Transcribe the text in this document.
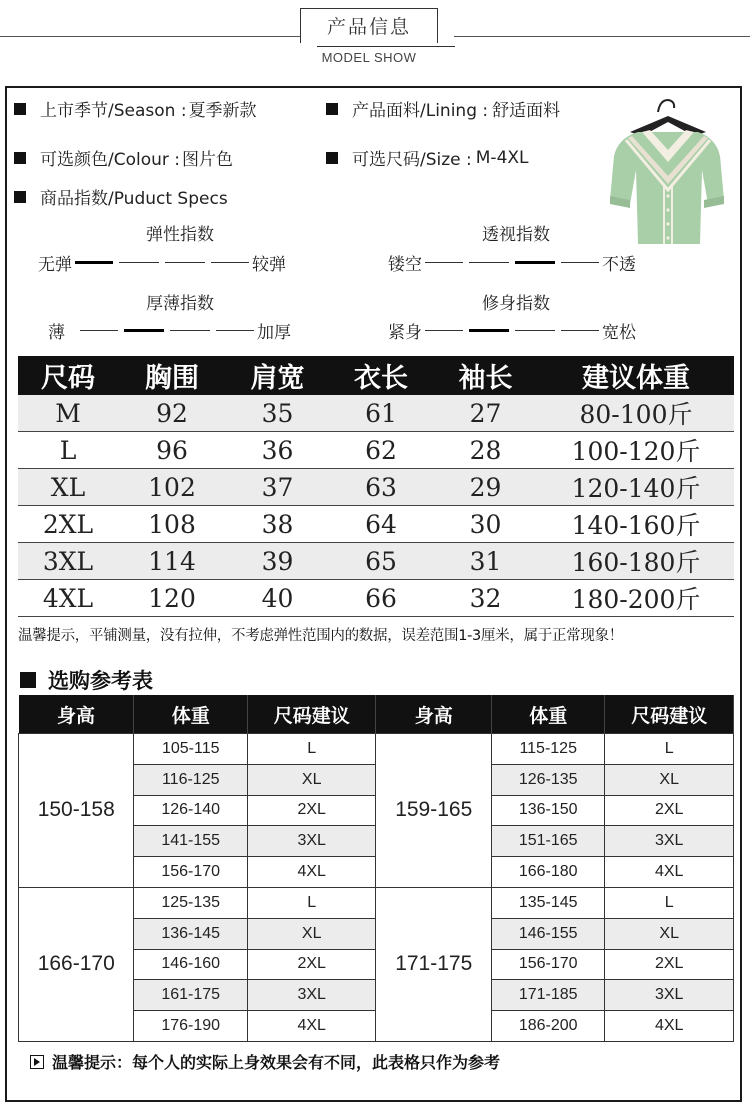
产品信息
MODEL SHOW
上市季节/Season : 夏季新款	产品面料/Lining : 舒适面料
可选颜色/Colour : 图片色	可选尺码/Size : M-4XL
商品指数/Puduct Specs
弹性指数
无弹	较弹
透视指数
镂空	不透
厚薄指数
薄	加厚
修身指数
紧身	宽松
尺码	胸围	肩宽	衣长	袖长	建议体重
M	92	35	61	27	80-100斤
L	96	36	62	28	100-120斤
XL	102	37	63	29	120-140斤
2XL	108	38	64	30	140-160斤
3XL	114	39	65	31	160-180斤
4XL	120	40	66	32	180-200斤
温馨提示，平铺测量，没有拉伸，不考虑弹性范围内的数据，误差范围1-3厘米，属于正常现象！
选购参考表
身高	体重	尺码建议	身高	体重	尺码建议
150-158	105-115	L	159-165	115-125	L
	116-125	XL		126-135	XL
	126-140	2XL		136-150	2XL
	141-155	3XL		151-165	3XL
	156-170	4XL		166-180	4XL
166-170	125-135	L	171-175	135-145	L
	136-145	XL		146-155	XL
	146-160	2XL		156-170	2XL
	161-175	3XL		171-185	3XL
	176-190	4XL		186-200	4XL
温馨提示：每个人的实际上身效果会有不同，此表格只作为参考
